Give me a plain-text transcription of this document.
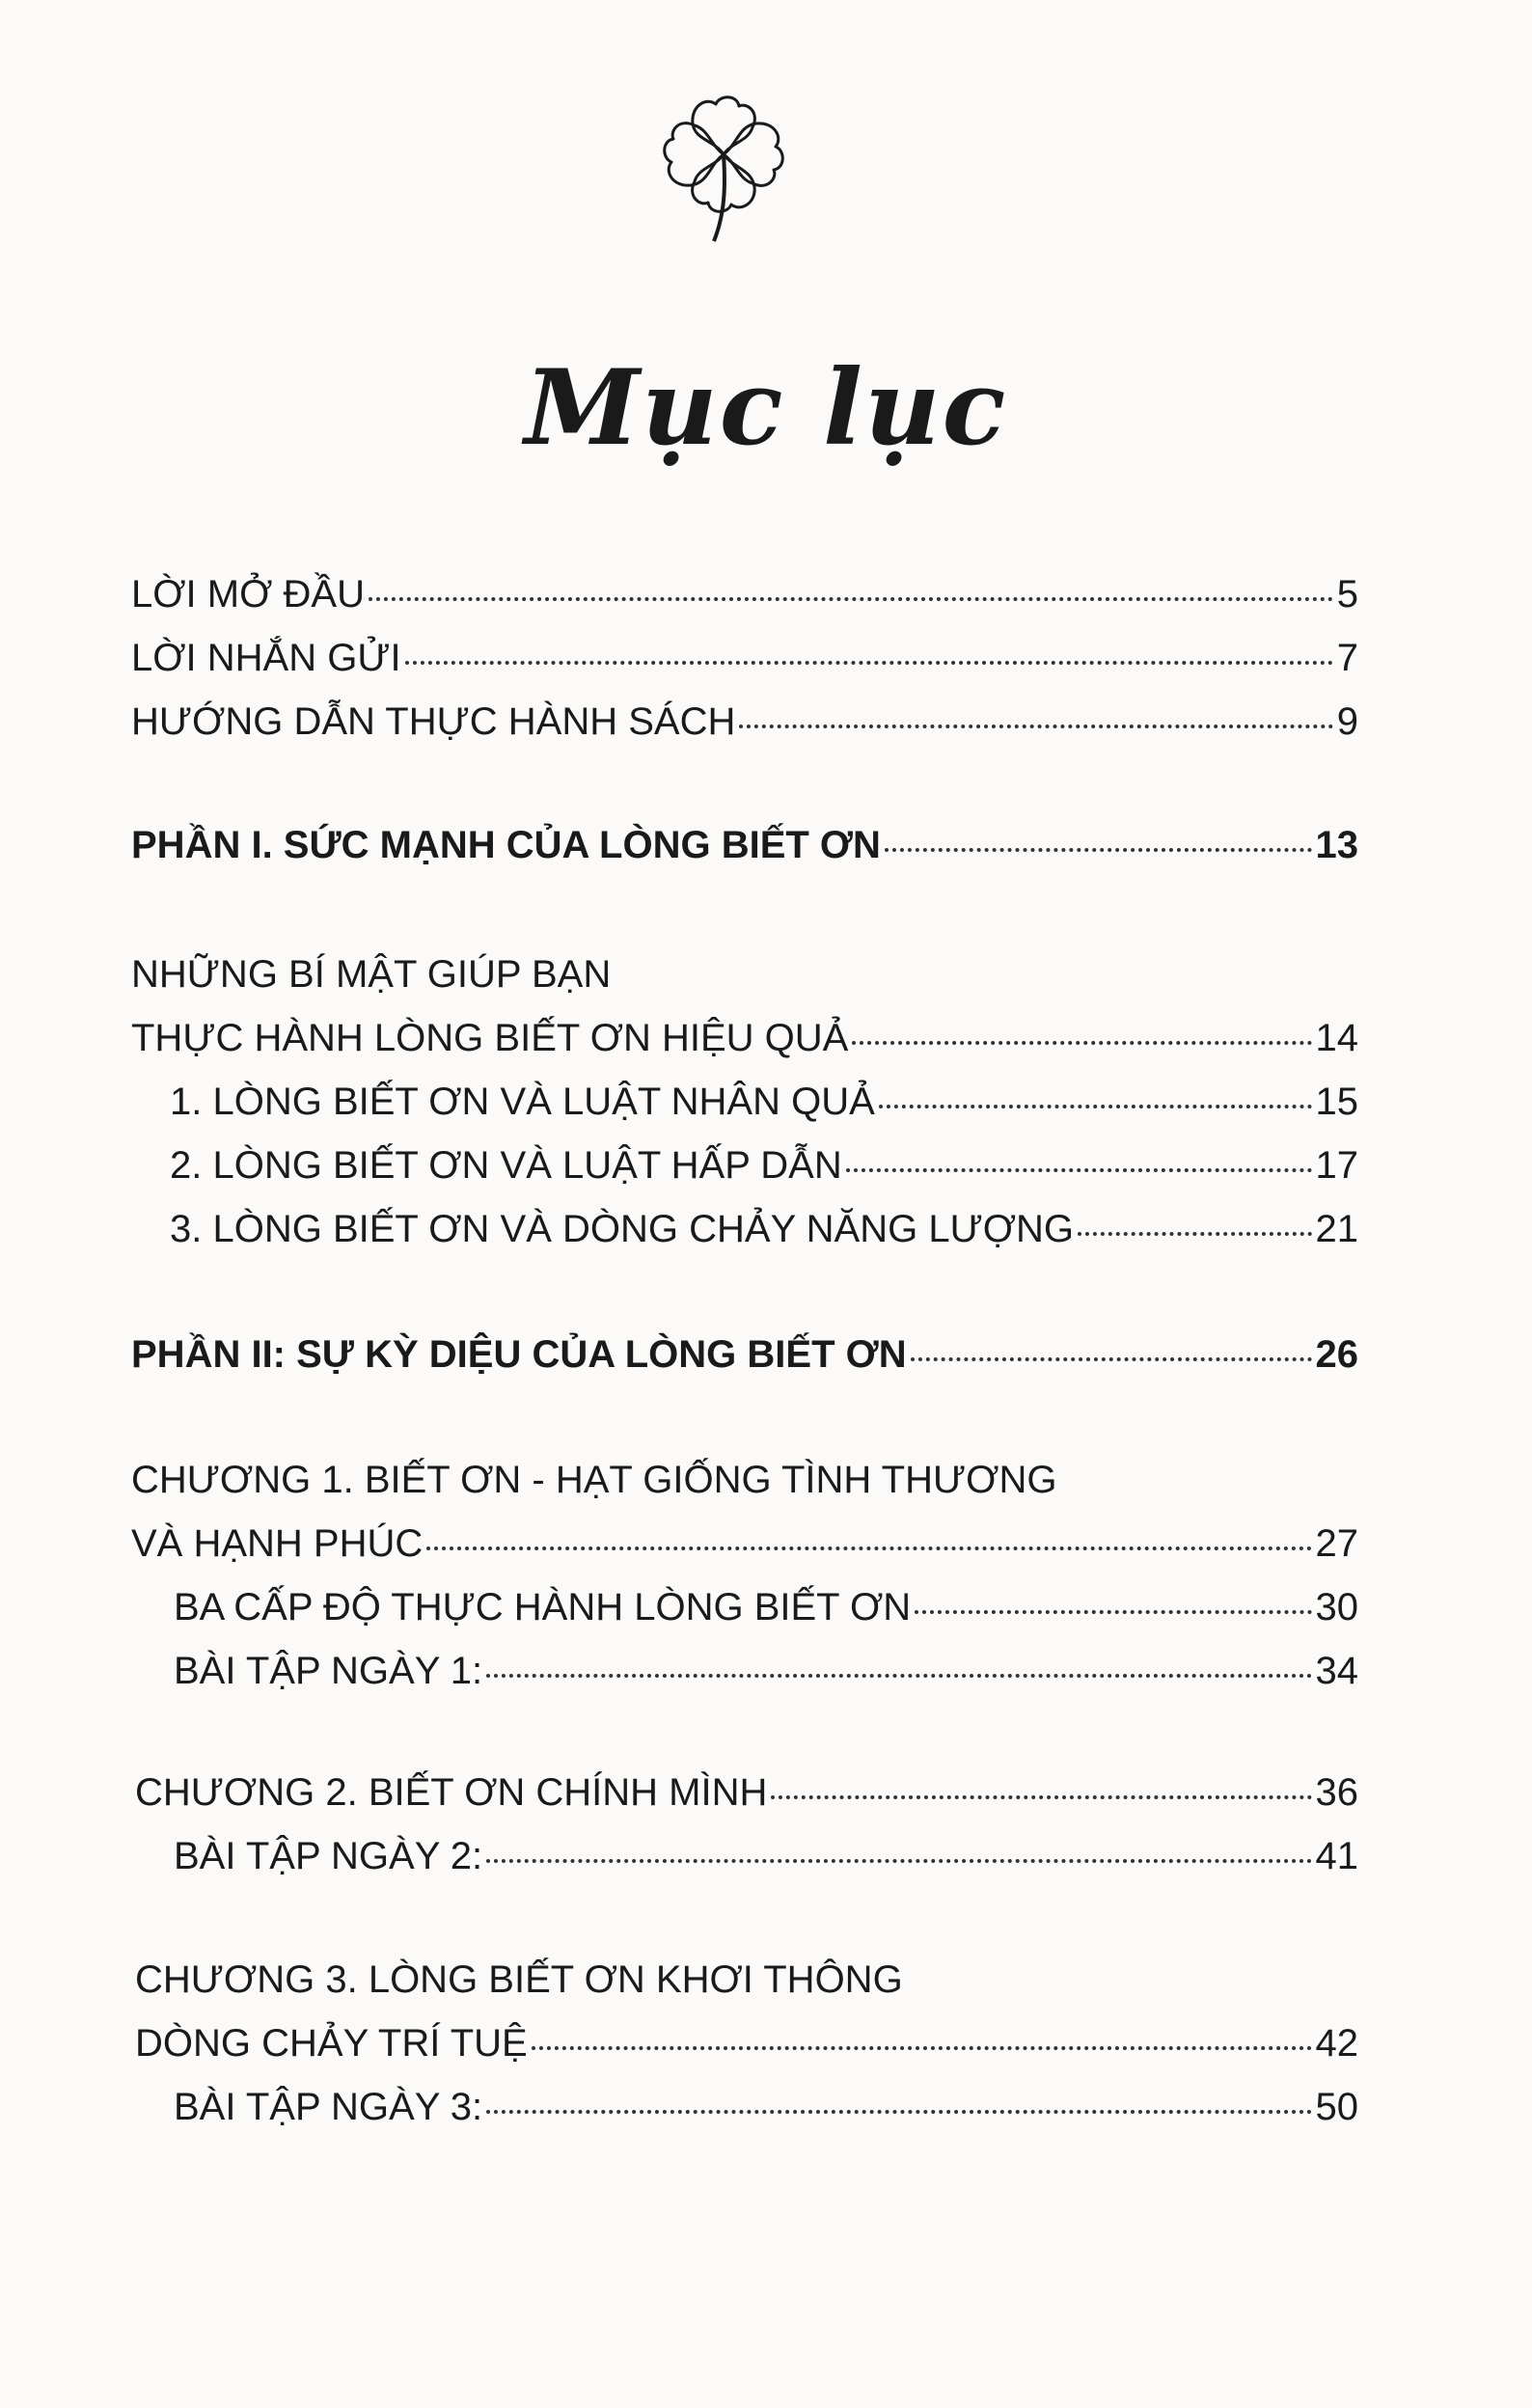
Mục lục
LỜI MỞ ĐẦU	5
LỜI NHẮN GỬI	7
HƯỚNG DẪN THỰC HÀNH SÁCH	9
PHẦN I. SỨC MẠNH CỦA LÒNG BIẾT ƠN	13
NHỮNG BÍ MẬT GIÚP BẠN
THỰC HÀNH LÒNG BIẾT ƠN HIỆU QUẢ	14
1. LÒNG BIẾT ƠN VÀ LUẬT NHÂN QUẢ	15
2. LÒNG BIẾT ƠN VÀ LUẬT HẤP DẪN	17
3. LÒNG BIẾT ƠN VÀ DÒNG CHẢY NĂNG LƯỢNG	21
PHẦN II: SỰ KỲ DIỆU CỦA LÒNG BIẾT ƠN	26
CHƯƠNG 1. BIẾT ƠN - HẠT GIỐNG TÌNH THƯƠNG
VÀ HẠNH PHÚC	27
BA CẤP ĐỘ THỰC HÀNH LÒNG BIẾT ƠN	30
BÀI TẬP NGÀY 1:	34
CHƯƠNG 2. BIẾT ƠN CHÍNH MÌNH	36
BÀI TẬP NGÀY 2:	41
CHƯƠNG 3. LÒNG BIẾT ƠN KHƠI THÔNG
DÒNG CHẢY TRÍ TUỆ	42
BÀI TẬP NGÀY 3:	50
